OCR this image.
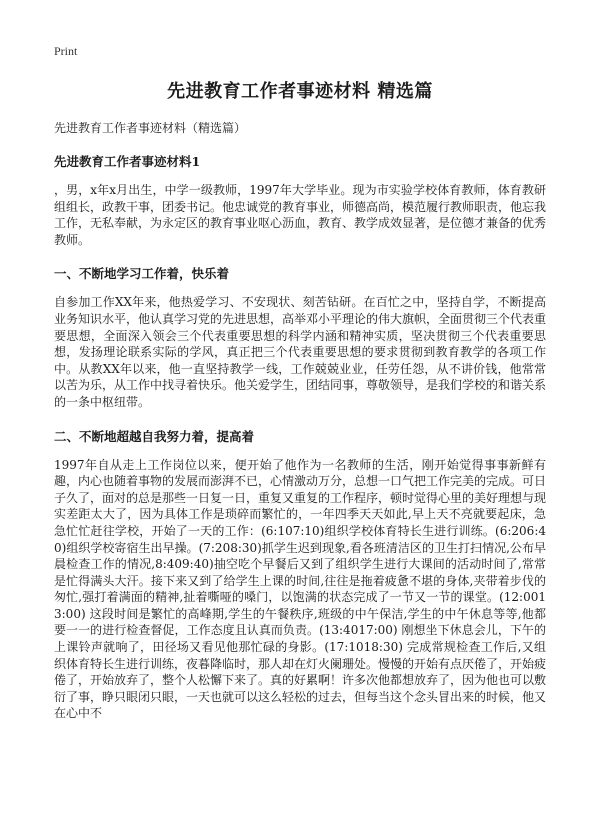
Print
先进教育工作者事迹材料 精选篇
先进教育工作者事迹材料（精选篇）
先进教育工作者事迹材料1

，男，x年x月出生，中学一级教师，1997年大学毕业。现为市实验学校体育教师，体育教研组组长，政教干事，团委书记。他忠诚党的教育事业，师德高尚，模范履行教师职责，他忘我工作，无私奉献，为永定区的教育事业呕心沥血，教育、教学成效显著，是位德才兼备的优秀教师。

一、不断地学习工作着，快乐着

自参加工作XX年来，他热爱学习、不安现状、刻苦钻研。在百忙之中，坚持自学，不断提高业务知识水平，他认真学习党的先进思想，高举邓小平理论的伟大旗帜，全面贯彻三个代表重要思想，全面深入领会三个代表重要思想的科学内涵和精神实质，坚决贯彻三个代表重要思想，发扬理论联系实际的学风，真正把三个代表重要思想的要求贯彻到教育教学的各项工作中。从教XX年以来，他一直坚持教学一线，工作兢兢业业，任劳任怨，从不讲价钱，他常常以苦为乐，从工作中找寻着快乐。他关爱学生，团结同事，尊敬领导，是我们学校的和谐关系的一条中枢纽带。

二、不断地超越自我努力着，提高着

1997年自从走上工作岗位以来，便开始了他作为一名教师的生活，刚开始觉得事事新鲜有趣，内心也随着事物的发展而澎湃不已，心情激动万分，总想一口气把工作完美的完成。可日子久了，面对的总是那些一日复一日，重复又重复的工作程序，顿时觉得心里的美好理想与现实差距太大了，因为具体工作是琐碎而繁忙的，一年四季天天如此,早上天不亮就要起床，急急忙忙赶往学校，开始了一天的工作：(6:107:10)组织学校体育特长生进行训练。(6:206:40)组织学校寄宿生出早操。(7:208:30)抓学生迟到现象,看各班清洁区的卫生打扫情况,公布早晨检查工作的情况,8:409:40)抽空吃个早餐后又到了组织学生进行大课间的活动时间了,常常是忙得满头大汗。接下来又到了给学生上课的时间,往往是拖着疲惫不堪的身体,夹带着步伐的匆忙,强打着满面的精神,扯着嘶哑的嗓门，以饱满的状态完成了一节又一节的课堂。(12:0013:00) 这段时间是繁忙的高峰期,学生的午餐秩序,班级的中午保洁,学生的中午休息等等,他都要一一的进行检查督促，工作态度且认真而负责。(13:4017:00) 刚想坐下休息会儿，下午的上课铃声就响了，田径场又看见他那忙碌的身影。(17:1018:30) 完成常规检查工作后,又组织体育特长生进行训练，夜暮降临时，那人却在灯火阑珊处。慢慢的开始有点厌倦了，开始疲倦了，开始放弃了，整个人松懈下来了。真的好累啊！许多次他都想放弃了，因为他也可以敷衍了事，睁只眼闭只眼，一天也就可以这么轻松的过去，但每当这个念头冒出来的时候，他又在心中不
